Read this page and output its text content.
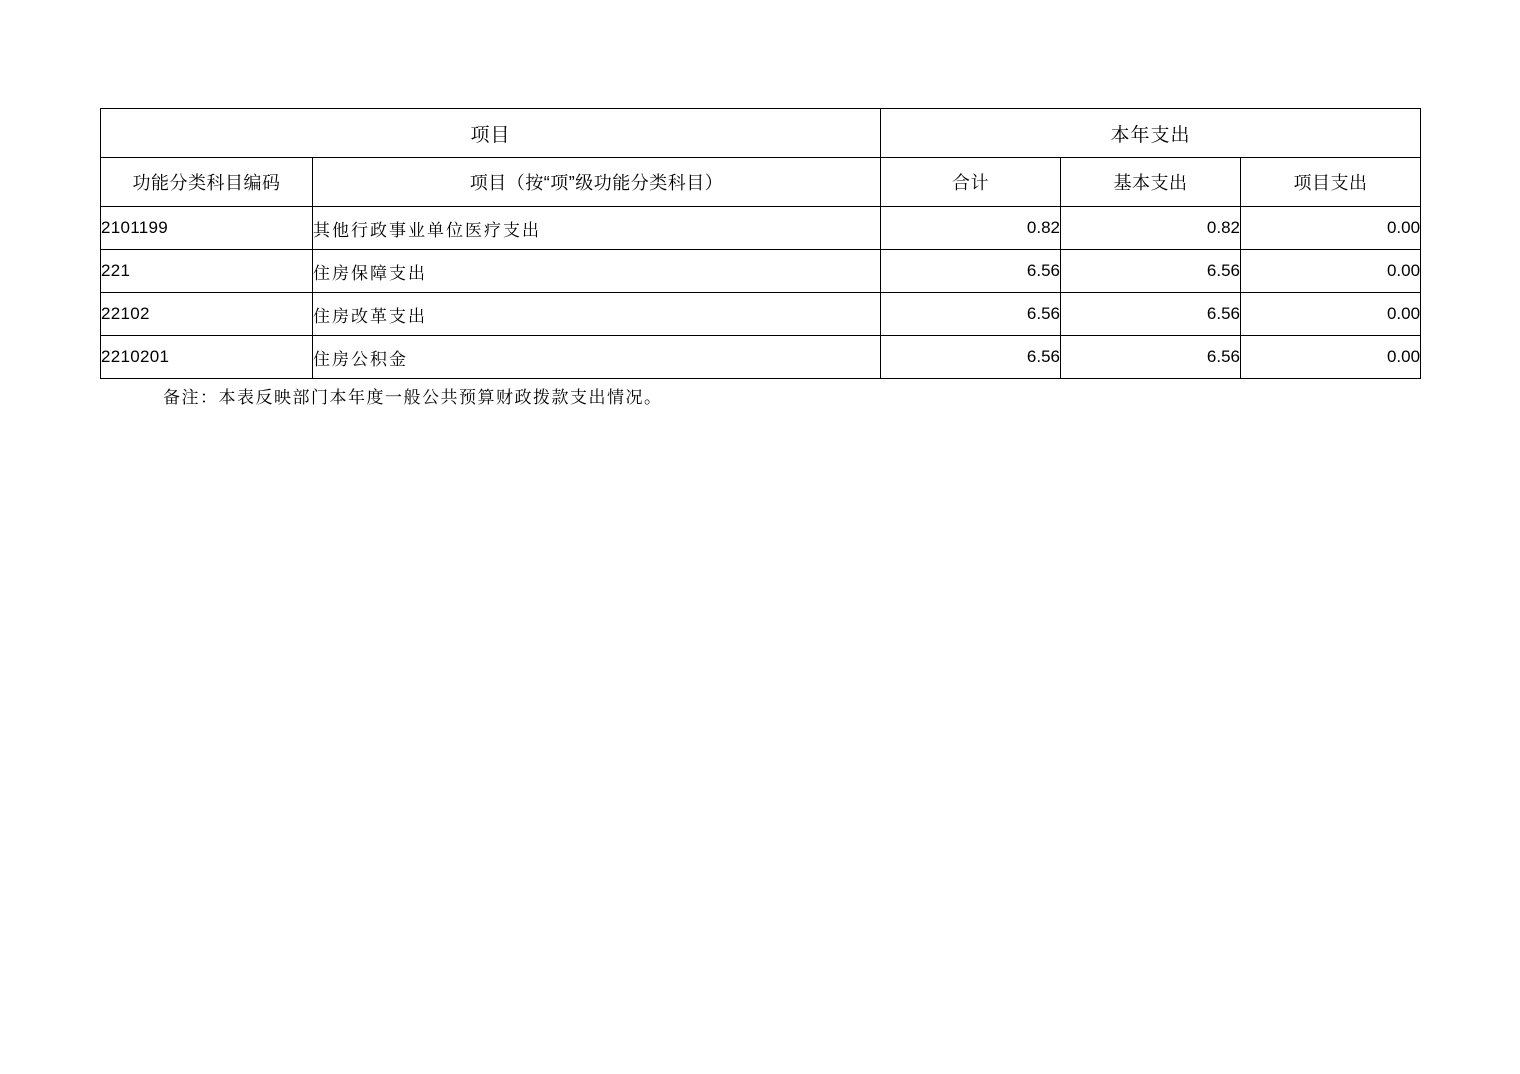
项目		本年支出		
功能分类科目编码	项目（按“项”级功能分类科目）	合计	基本支出	项目支出
2101199	其他行政事业单位医疗支出	0.82	0.82	0.00
221	住房保障支出	6.56	6.56	0.00
22102	住房改革支出	6.56	6.56	0.00
2210201	住房公积金	6.56	6.56	0.00
备注：本表反映部门本年度一般公共预算财政拨款支出情况。
